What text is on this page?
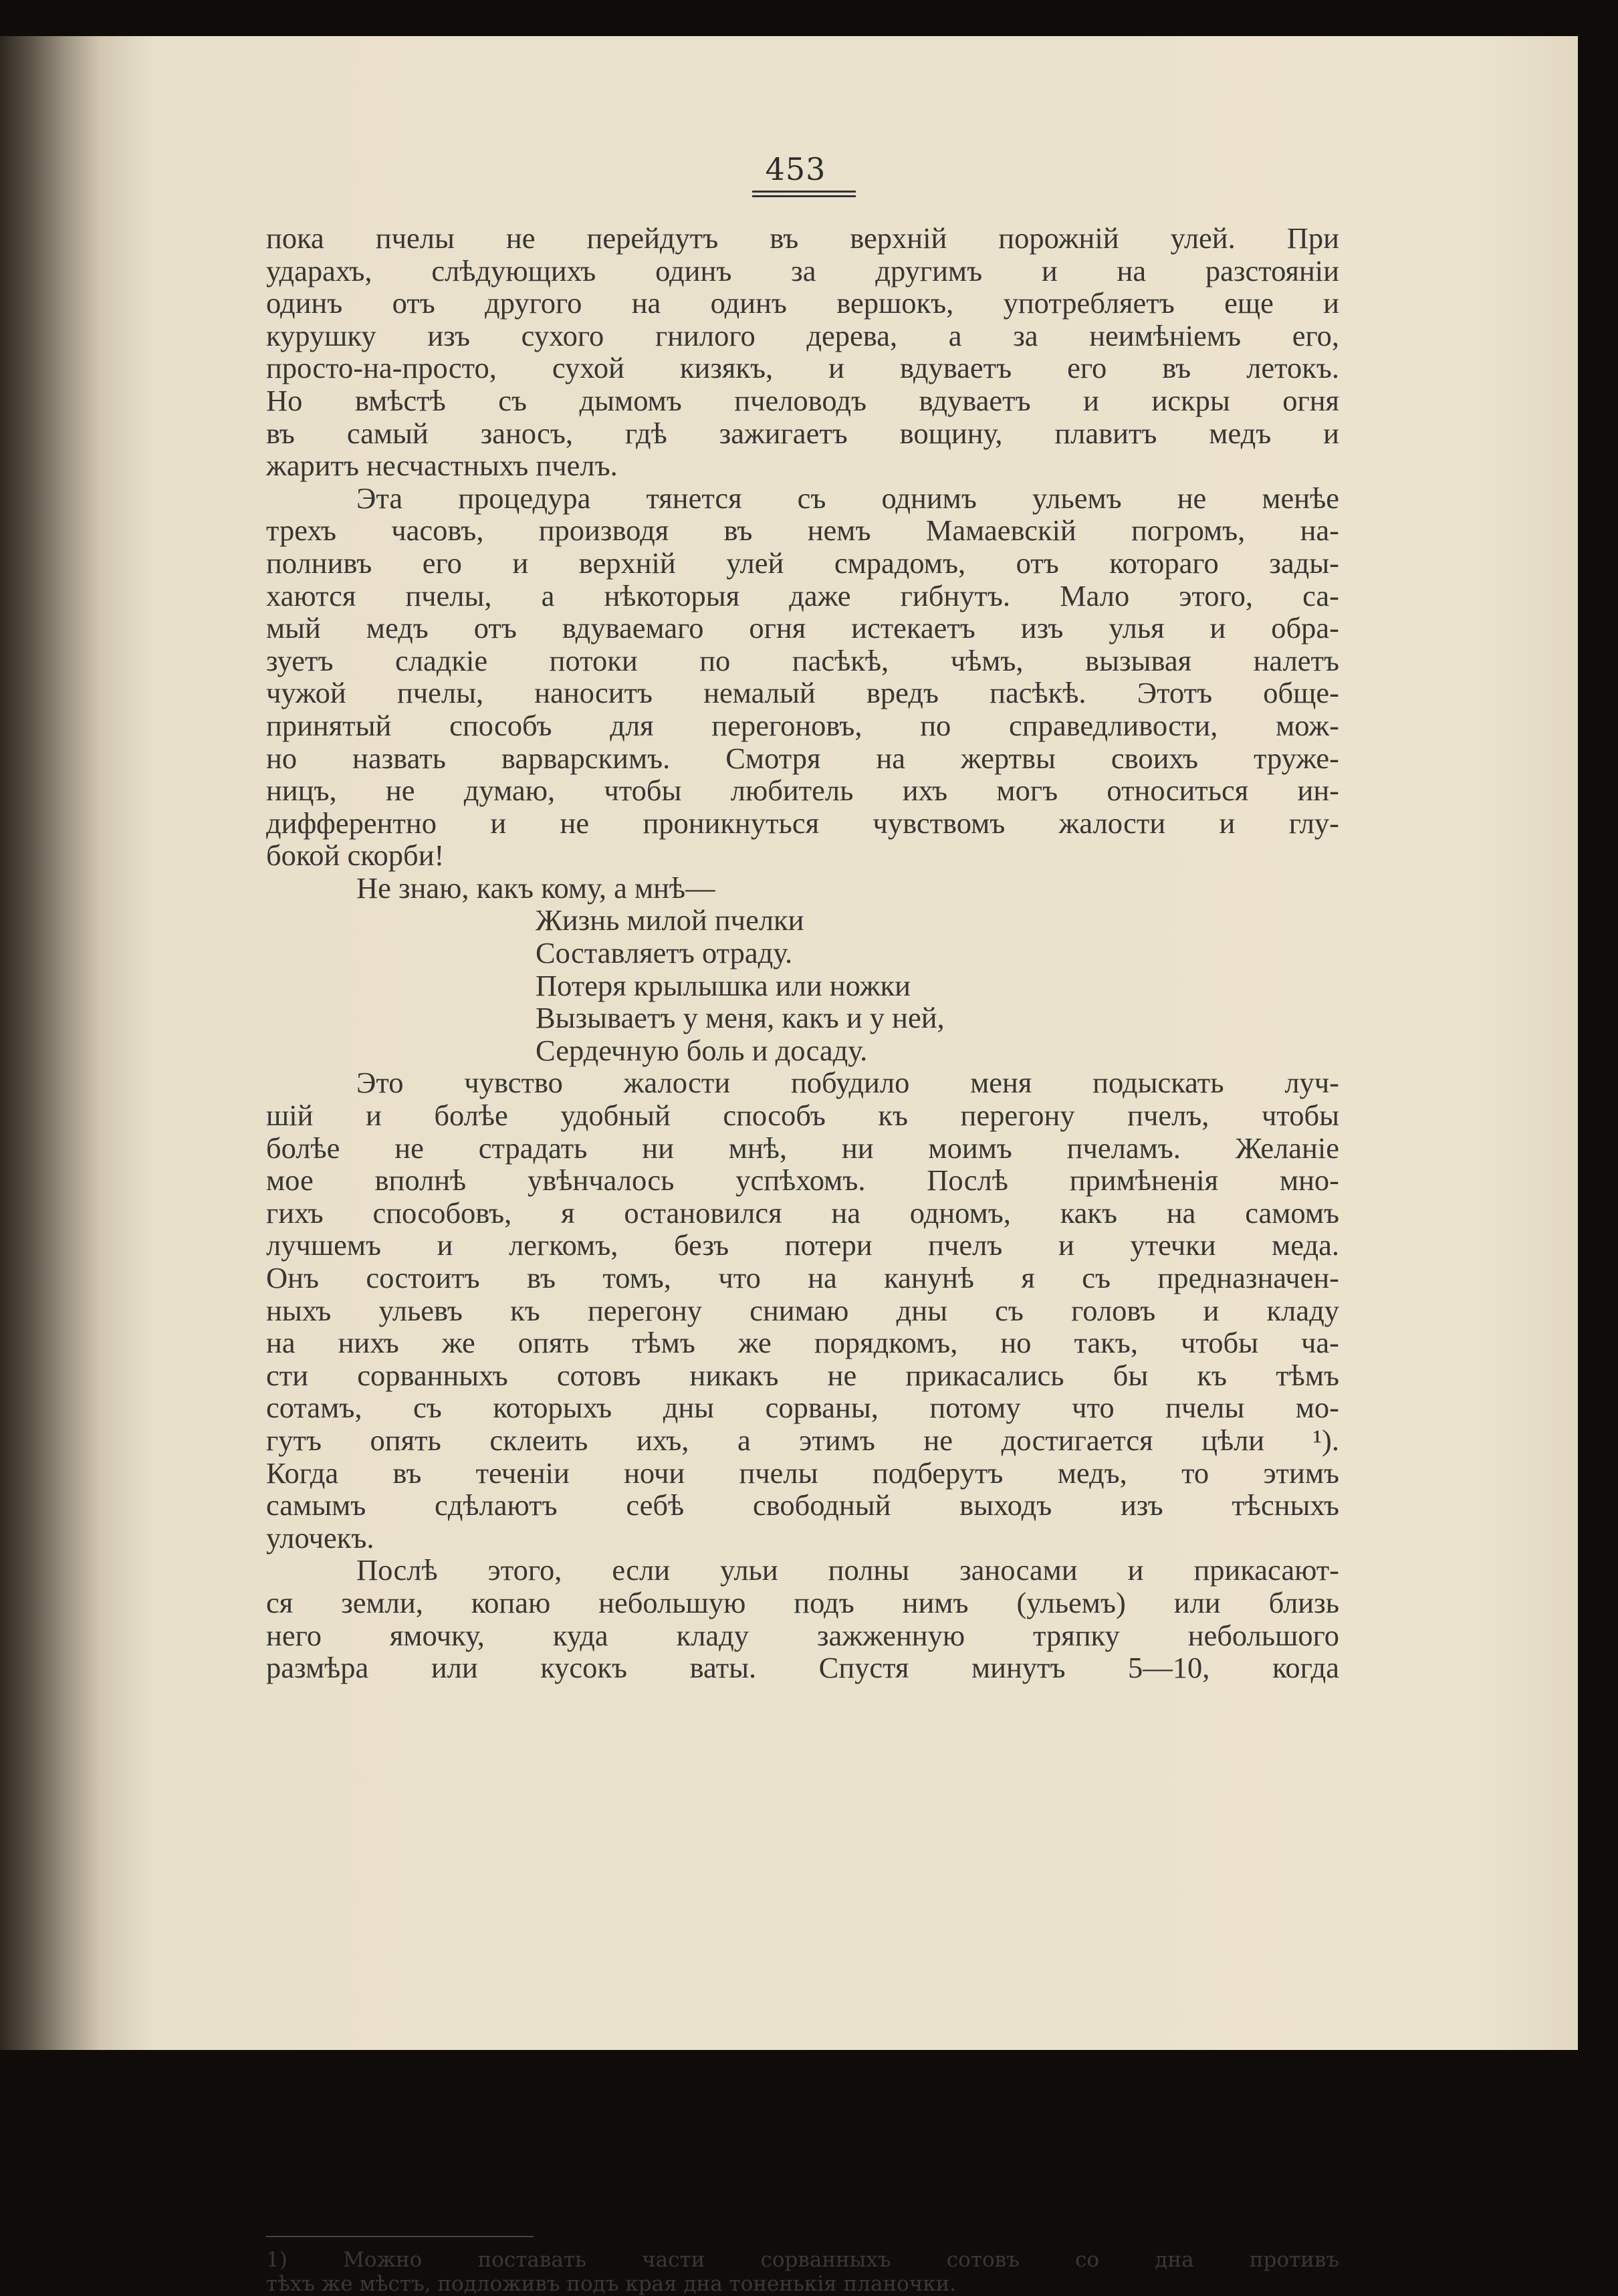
453
пока пчелы не перейдутъ въ верхній порожній улей. При
ударахъ, слѣдующихъ одинъ за другимъ и на разстояніи
одинъ отъ другого на одинъ вершокъ, употребляетъ еще и
курушку изъ сухого гнилого дерева, а за неимѣніемъ его,
просто-на-просто, сухой кизякъ, и вдуваетъ его въ летокъ.
Но вмѣстѣ съ дымомъ пчеловодъ вдуваетъ и искры огня
въ самый заносъ, гдѣ зажигаетъ вощину, плавитъ медъ и
жаритъ несчастныхъ пчелъ.
Эта процедура тянется съ однимъ ульемъ не менѣе
трехъ часовъ, производя въ немъ Мамаевскій погромъ, на-
полнивъ его и верхній улей смрадомъ, отъ котораго зады-
хаются пчелы, а нѣкоторыя даже гибнутъ. Мало этого, са-
мый медъ отъ вдуваемаго огня истекаетъ изъ улья и обра-
зуетъ сладкіе потоки по пасѣкѣ, чѣмъ, вызывая налетъ
чужой пчелы, наноситъ немалый вредъ пасѣкѣ. Этотъ обще-
принятый способъ для перегоновъ, по справедливости, мож-
но назвать варварскимъ. Смотря на жертвы своихъ труже-
ницъ, не думаю, чтобы любитель ихъ могъ относиться ин-
дифферентно и не проникнуться чувствомъ жалости и глу-
бокой скорби!
Не знаю, какъ кому, а мнѣ—
Жизнь милой пчелки
Составляетъ отраду.
Потеря крылышка или ножки
Вызываетъ у меня, какъ и у ней,
Сердечную боль и досаду.
Это чувство жалости побудило меня подыскать луч-
шій и болѣе удобный способъ къ перегону пчелъ, чтобы
болѣе не страдать ни мнѣ, ни моимъ пчеламъ. Желаніе
мое вполнѣ увѣнчалось успѣхомъ. Послѣ примѣненія мно-
гихъ способовъ, я остановился на одномъ, какъ на самомъ
лучшемъ и легкомъ, безъ потери пчелъ и утечки меда.
Онъ состоитъ въ томъ, что на канунѣ я съ предназначен-
ныхъ ульевъ къ перегону снимаю дны съ головъ и кладу
на нихъ же опять тѣмъ же порядкомъ, но такъ, чтобы ча-
сти сорванныхъ сотовъ никакъ не прикасались бы къ тѣмъ
сотамъ, съ которыхъ дны сорваны, потому что пчелы мо-
гутъ опять склеить ихъ, а этимъ не достигается цѣли ¹).
Когда въ теченіи ночи пчелы подберутъ медъ, то этимъ
самымъ сдѣлаютъ себѣ свободный выходъ изъ тѣсныхъ
улочекъ.
Послѣ этого, если ульи полны заносами и прикасают-
ся земли, копаю небольшую подъ нимъ (ульемъ) или близь
него ямочку, куда кладу зажженную тряпку небольшого
размѣра или кусокъ ваты. Спустя минутъ 5—10, когда
1) Можно поставать части сорванныхъ сотовъ со дна противъ
тѣхъ же мѣстъ, подложивъ подъ края дна тоненькія планочки.
